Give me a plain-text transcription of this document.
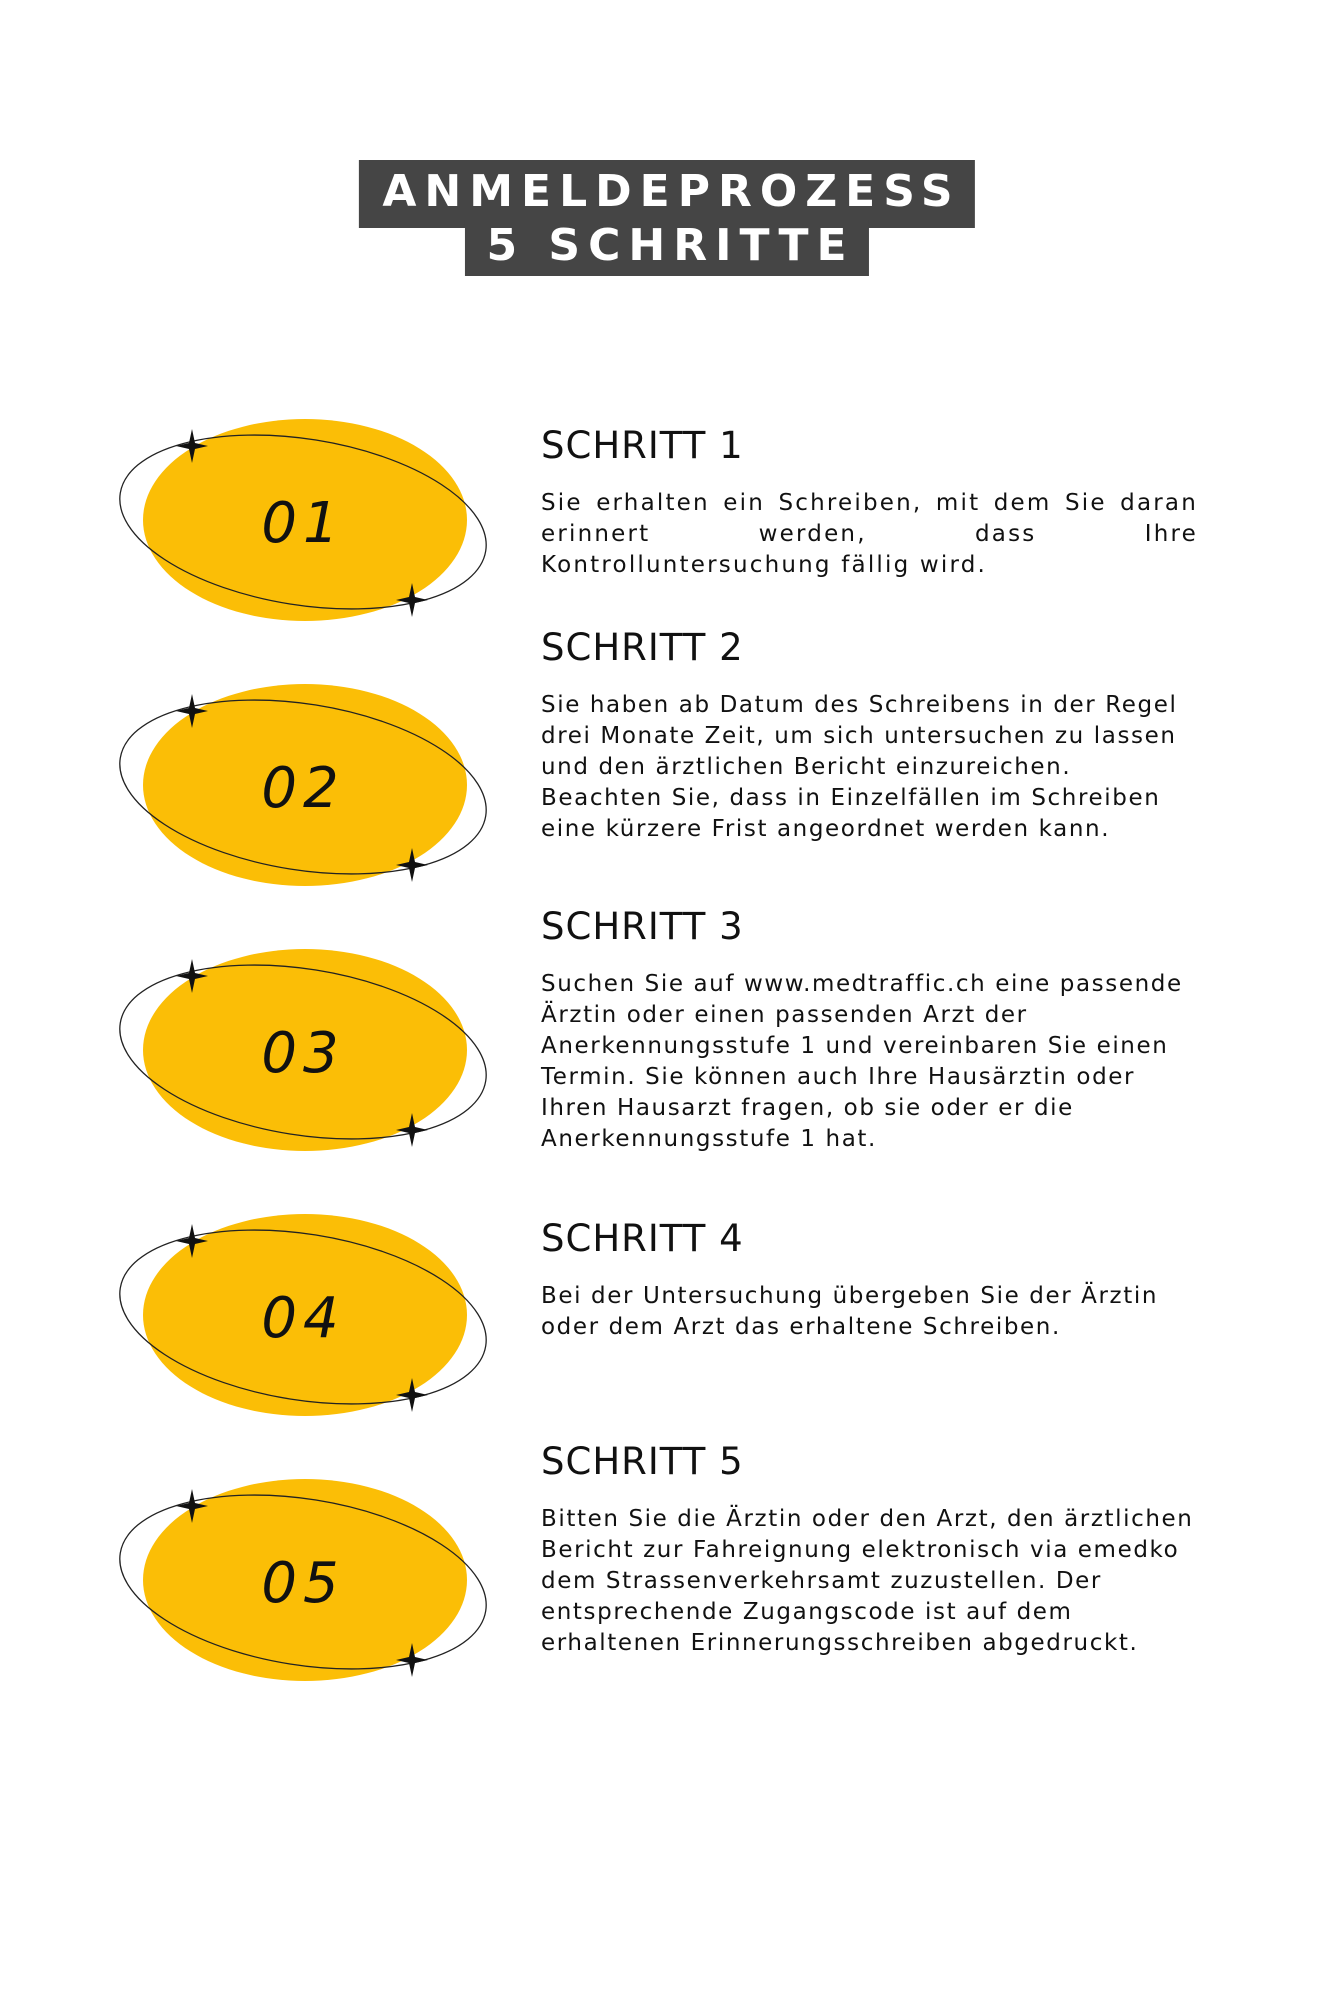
ANMELDEPROZESS
5 SCHRITTE
01
SCHRITT 1
Sie erhalten ein Schreiben, mit dem Sie daran erinnert werden, dass Ihre Kontrolluntersuchung fällig wird.
02
SCHRITT 2
Sie haben ab Datum des Schreibens in der Regel drei Monate Zeit, um sich untersuchen zu lassen und den ärztlichen Bericht einzureichen. Beachten Sie, dass in Einzelfällen im Schreiben eine kürzere Frist angeordnet werden kann.
03
SCHRITT 3
Suchen Sie auf www.medtraffic.ch eine passende Ärztin oder einen passenden Arzt der Anerkennungsstufe 1 und vereinbaren Sie einen Termin. Sie können auch Ihre Hausärztin oder Ihren Hausarzt fragen, ob sie oder er die Anerkennungsstufe 1 hat.
04
SCHRITT 4
Bei der Untersuchung übergeben Sie der Ärztin oder dem Arzt das erhaltene Schreiben.
05
SCHRITT 5
Bitten Sie die Ärztin oder den Arzt, den ärztlichen Bericht zur Fahreignung elektronisch via emedko dem Strassenverkehrsamt zuzustellen. Der entsprechende Zugangscode ist auf dem erhaltenen Erinnerungsschreiben abgedruckt.
